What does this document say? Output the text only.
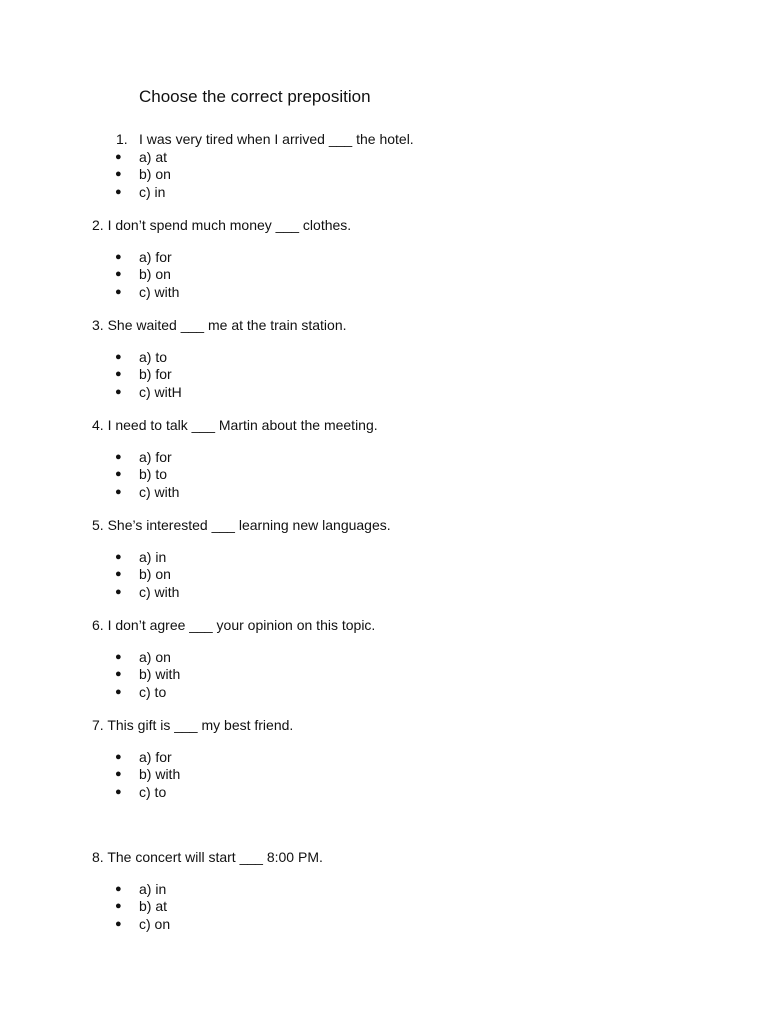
Choose the correct preposition
1. I was very tired when I arrived ___ the hotel.
● a) at
● b) on
● c) in
2. I don’t spend much money ___ clothes.
● a) for
● b) on
● c) with
3. She waited ___ me at the train station.
● a) to
● b) for
● c) witH
4. I need to talk ___ Martin about the meeting.
● a) for
● b) to
● c) with
5. She’s interested ___ learning new languages.
● a) in
● b) on
● c) with
6. I don’t agree ___ your opinion on this topic.
● a) on
● b) with
● c) to
7. This gift is ___ my best friend.
● a) for
● b) with
● c) to
8. The concert will start ___ 8:00 PM.
● a) in
● b) at
● c) on
